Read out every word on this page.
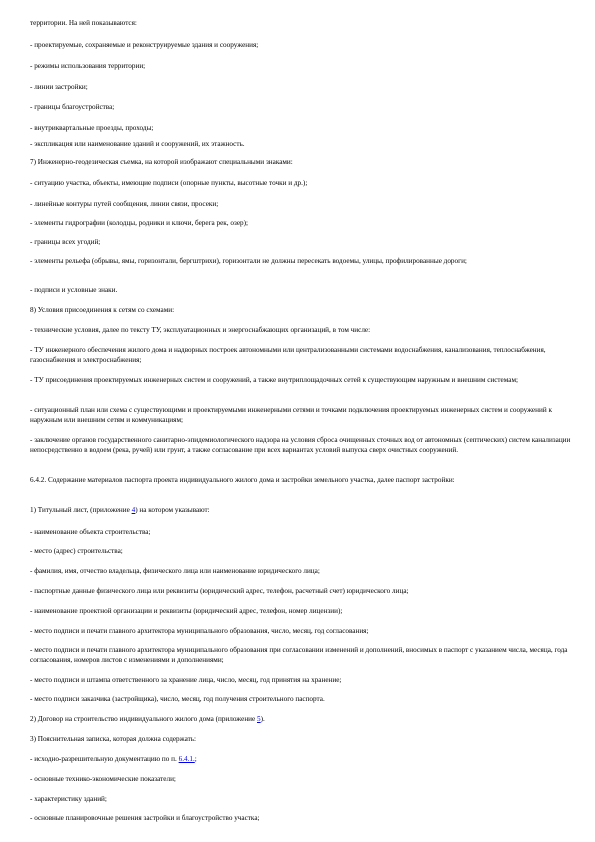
территории. На ней показываются:
- проектируемые, сохраняемые и реконструируемые здания и сооружения;
- режимы использования территории;
- линии застройки;
- границы благоустройства;
- внутриквартальные проезды, проходы;
- экспликация или наименование зданий и сооружений, их этажность.
7) Инженерно-геодезическая съемка, на которой изображают специальными знаками:
- ситуацию участка, объекты, имеющие подписи (опорные пункты, высотные точки и др.);
- линейные контуры путей сообщения, линии связи, просеки;
- элементы гидрографии (колодцы, родники и ключи, берега рек, озер);
- границы всех угодий;
- элементы рельефа (обрывы, ямы, горизонтали, бергштрихи), горизонтали не должны пересекать водоемы, улицы, профилированные дороги;
- подписи и условные знаки.
8) Условия присоединения к сетям со схемами:
- технические условия, далее по тексту ТУ, эксплуатационных и энергоснабжающих организаций, в том числе:
- ТУ инженерного обеспечения жилого дома и надворных построек автономными или централизованными системами водоснабжения, канализования, теплоснабжения, газоснабжения и электроснабжения;
- ТУ присоединения проектируемых инженерных систем и сооружений, а также внутриплощадочных сетей к существующим наружным и внешним системам;
- ситуационный план или схема с существующими и проектируемыми инженерными сетями и точками подключения проектируемых инженерных систем и сооружений к наружным или внешним сетям и коммуникациям;
- заключение органов государственного санитарно-эпидемиологического надзора на условия сброса очищенных сточных вод от автономных (септических) систем канализации непосредственно в водоем (река, ручей) или грунт, а также согласование при всех вариантах условий выпуска сверх очистных сооружений.
6.4.2. Содержание материалов паспорта проекта индивидуального жилого дома и застройки земельного участка, далее паспорт застройки:
1) Титульный лист, (приложение 4) на котором указывают:
- наименование объекта строительства;
- место (адрес) строительства;
- фамилия, имя, отчество владельца, физического лица или наименование юридического лица;
- паспортные данные физического лица или реквизиты (юридический адрес, телефон, расчетный счет) юридического лица;
- наименование проектной организации и реквизиты (юридический адрес, телефон, номер лицензии);
- место подписи и печати главного архитектора муниципального образования, число, месяц, год согласования;
- место подписи и печати главного архитектора муниципального образования при согласовании изменений и дополнений, вносимых в паспорт с указанием числа, месяца, года согласования, номеров листов с изменениями и дополнениями;
- место подписи и штампа ответственного за хранение лица, число, месяц, год принятия на хранение;
- место подписи заказчика (застройщика), число, месяц, год получения строительного паспорта.
2) Договор на строительство индивидуального жилого дома (приложение 5).
3) Пояснительная записка, которая должна содержать:
- исходно-разрешительную документацию по п. 6.4.1.;
- основные технико-экономические показатели;
- характеристику зданий;
- основные планировочные решения застройки и благоустройство участка;
